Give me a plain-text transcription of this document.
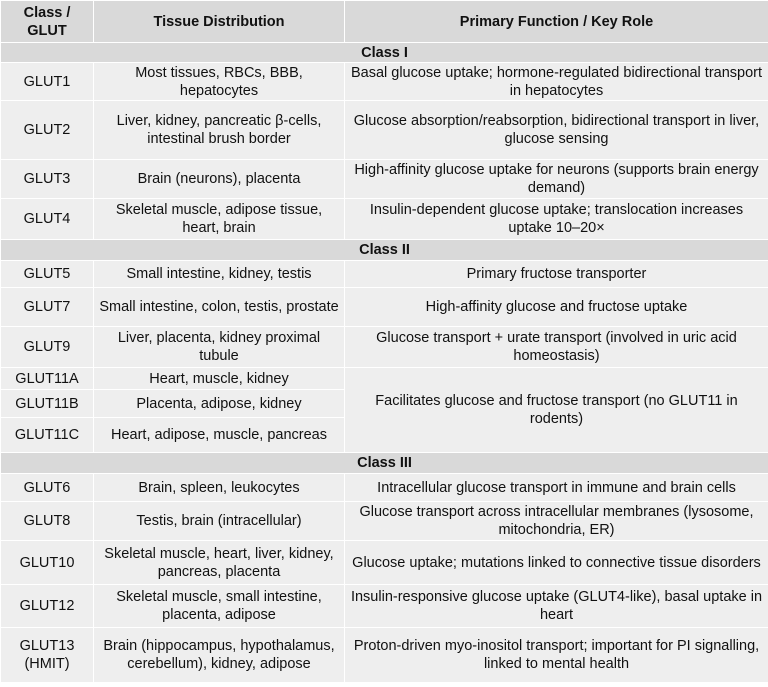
Class / GLUT	Tissue Distribution	Primary Function / Key Role
Class I		
GLUT1	Most tissues, RBCs, BBB, hepatocytes	Basal glucose uptake; hormone-regulated bidirectional transport in hepatocytes
GLUT2	Liver, kidney, pancreatic β-cells, intestinal brush border	Glucose absorption/reabsorption, bidirectional transport in liver, glucose sensing
GLUT3	Brain (neurons), placenta	High-affinity glucose uptake for neurons (supports brain energy demand)
GLUT4	Skeletal muscle, adipose tissue, heart, brain	Insulin-dependent glucose uptake; translocation increases uptake 10–20×
Class II		
GLUT5	Small intestine, kidney, testis	Primary fructose transporter
GLUT7	Small intestine, colon, testis, prostate	High-affinity glucose and fructose uptake
GLUT9	Liver, placenta, kidney proximal tubule	Glucose transport + urate transport (involved in uric acid homeostasis)
GLUT11A	Heart, muscle, kidney	Facilitates glucose and fructose transport (no GLUT11 in rodents)
GLUT11B	Placenta, adipose, kidney	
GLUT11C	Heart, adipose, muscle, pancreas	
Class III		
GLUT6	Brain, spleen, leukocytes	Intracellular glucose transport in immune and brain cells
GLUT8	Testis, brain (intracellular)	Glucose transport across intracellular membranes (lysosome, mitochondria, ER)
GLUT10	Skeletal muscle, heart, liver, kidney, pancreas, placenta	Glucose uptake; mutations linked to connective tissue disorders
GLUT12	Skeletal muscle, small intestine, placenta, adipose	Insulin-responsive glucose uptake (GLUT4-like), basal uptake in heart
GLUT13 (HMIT)	Brain (hippocampus, hypothalamus, cerebellum), kidney, adipose	Proton-driven myo-inositol transport; important for PI signalling, linked to mental health
